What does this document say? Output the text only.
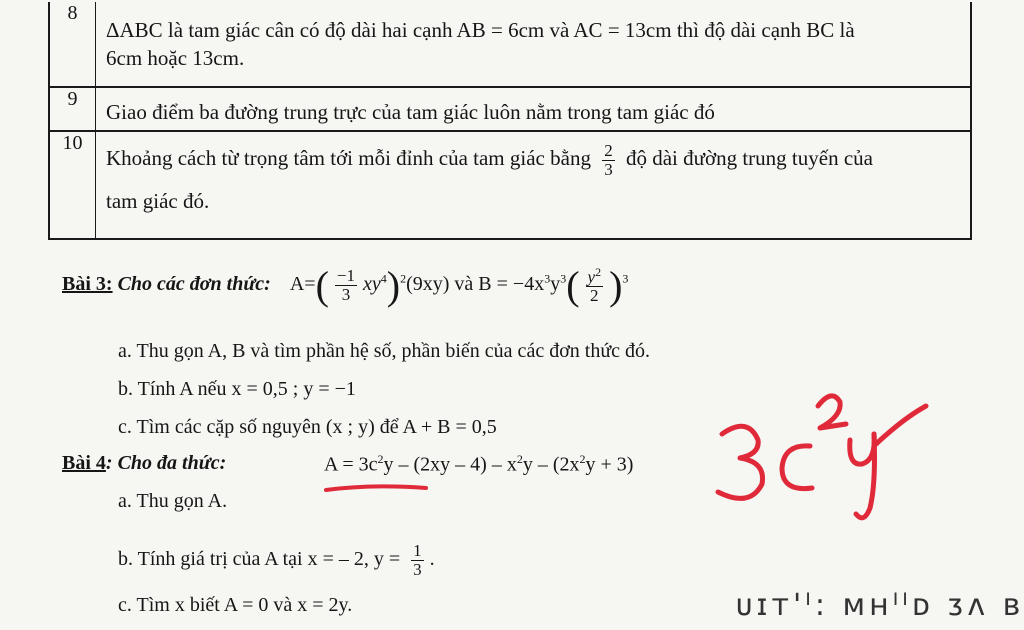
8
ΔABC là tam giác cân có độ dài hai cạnh AB = 6cm và AC = 13cm thì độ dài cạnh BC là
6cm hoặc 13cm.
9
Giao điểm ba đường trung trực của tam giác luôn nằm trong tam giác đó
10
Khoảng cách từ trọng tâm tới mỗi đỉnh của tam giác bằng $\frac{2}{3}$ độ dài đường trung tuyến của
tam giác đó.
Bài 3: Cho các đơn thức: $A=( \frac{-1}{3} xy^4)^2(9xy)$ và $B = -4x^3y^3( \frac{y^2}{2} )^3$
a. Thu gọn A, B và tìm phần hệ số, phần biến của các đơn thức đó.
b. Tính A nếu x = 0,5 ; y = −1
c. Tìm các cặp số nguyên (x ; y) để A + B = 0,5
Bài 4: Cho đa thức:	$A = 3c^2y - (2xy - 4) - x^2y - (2x^2y + 3)$
a. Thu gọn A.
b. Tính giá trị của A tại x = – 2, $y = \frac{1}{3}$ .
c. Tìm x biết A = 0 và x = 2y.	ᴜɪᴛ'ᴵ: ᴍʜᴵᴵᴅ ᴣᴧ ʙ
